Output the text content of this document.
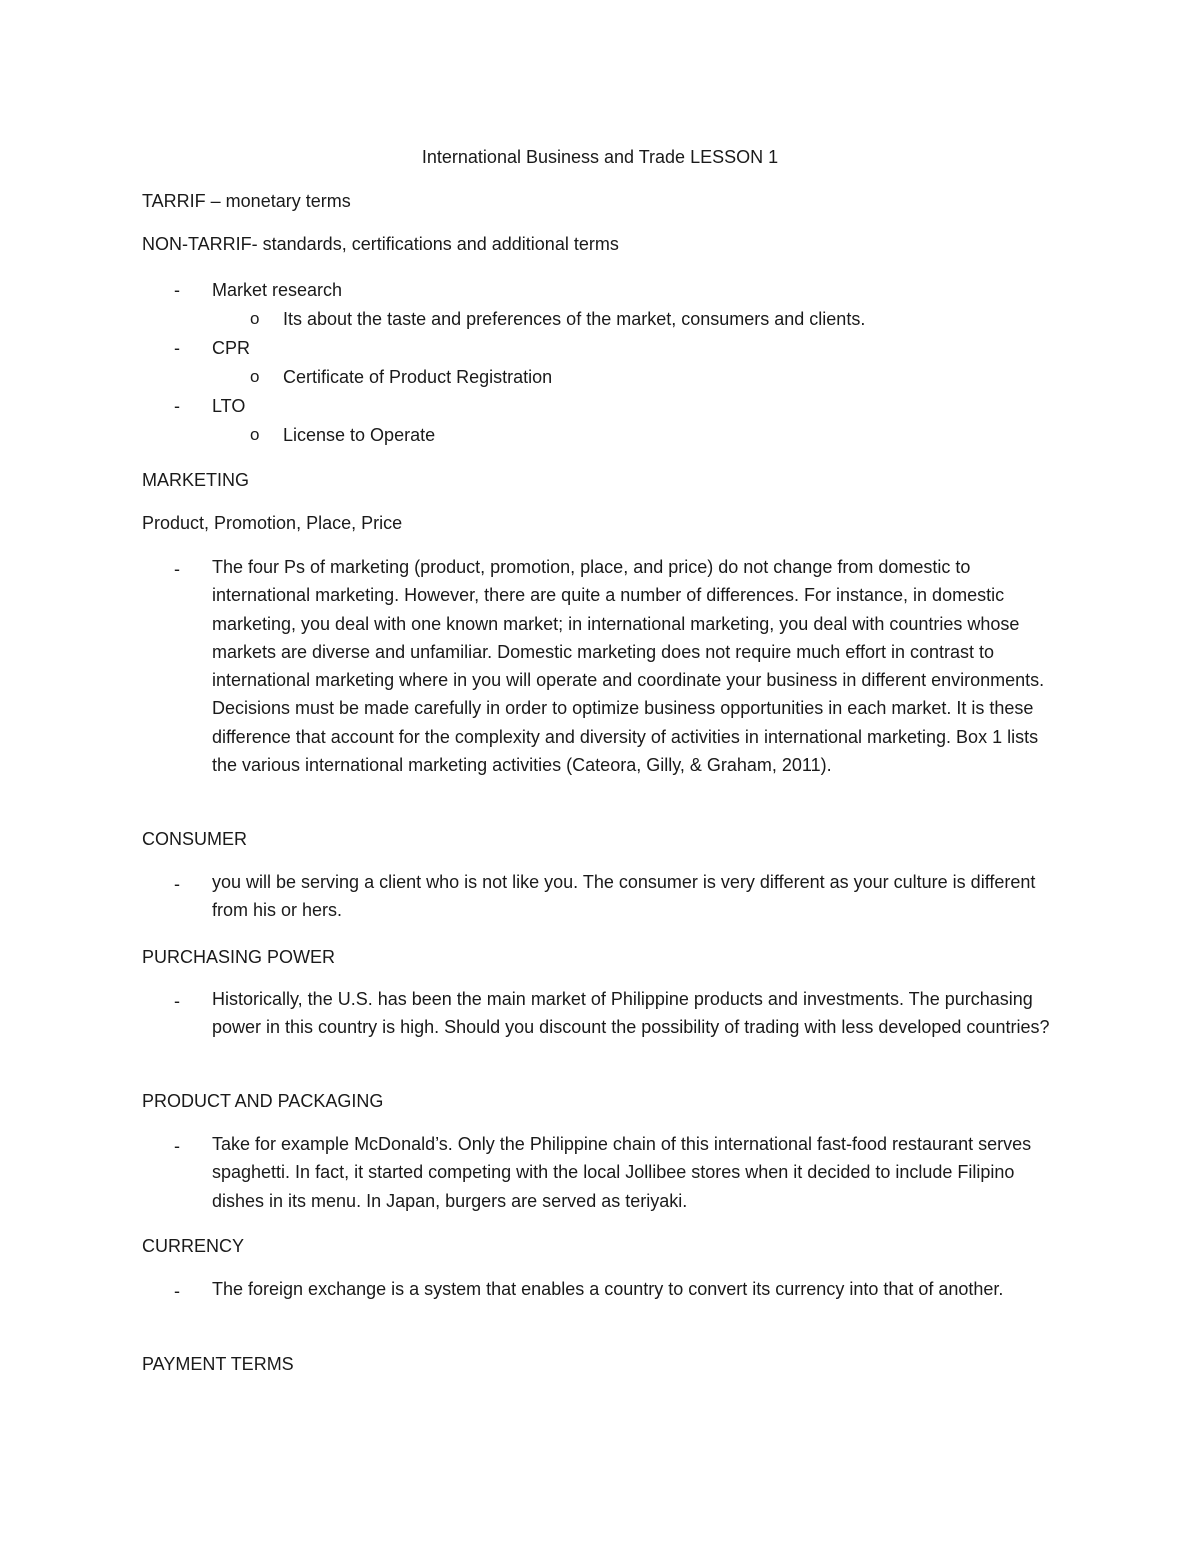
International Business and Trade LESSON 1
TARRIF – monetary terms
NON-TARRIF- standards, certifications and additional terms
- Market research
o Its about the taste and preferences of the market, consumers and clients.
- CPR
o Certificate of Product Registration
- LTO
o License to Operate
MARKETING
Product, Promotion, Place, Price
- The four Ps of marketing (product, promotion, place, and price) do not change from domestic to international marketing. However, there are quite a number of differences. For instance, in domestic marketing, you deal with one known market; in international marketing, you deal with countries whose markets are diverse and unfamiliar. Domestic marketing does not require much effort in contrast to international marketing where in you will operate and coordinate your business in different environments. Decisions must be made carefully in order to optimize business opportunities in each market. It is these difference that account for the complexity and diversity of activities in international marketing. Box 1 lists the various international marketing activities (Cateora, Gilly, & Graham, 2011).
CONSUMER
- you will be serving a client who is not like you. The consumer is very different as your culture is different from his or hers.
PURCHASING POWER
- Historically, the U.S. has been the main market of Philippine products and investments. The purchasing power in this country is high. Should you discount the possibility of trading with less developed countries?
PRODUCT AND PACKAGING
- Take for example McDonald’s. Only the Philippine chain of this international fast-food restaurant serves spaghetti. In fact, it started competing with the local Jollibee stores when it decided to include Filipino dishes in its menu. In Japan, burgers are served as teriyaki.
CURRENCY
- The foreign exchange is a system that enables a country to convert its currency into that of another.
PAYMENT TERMS
